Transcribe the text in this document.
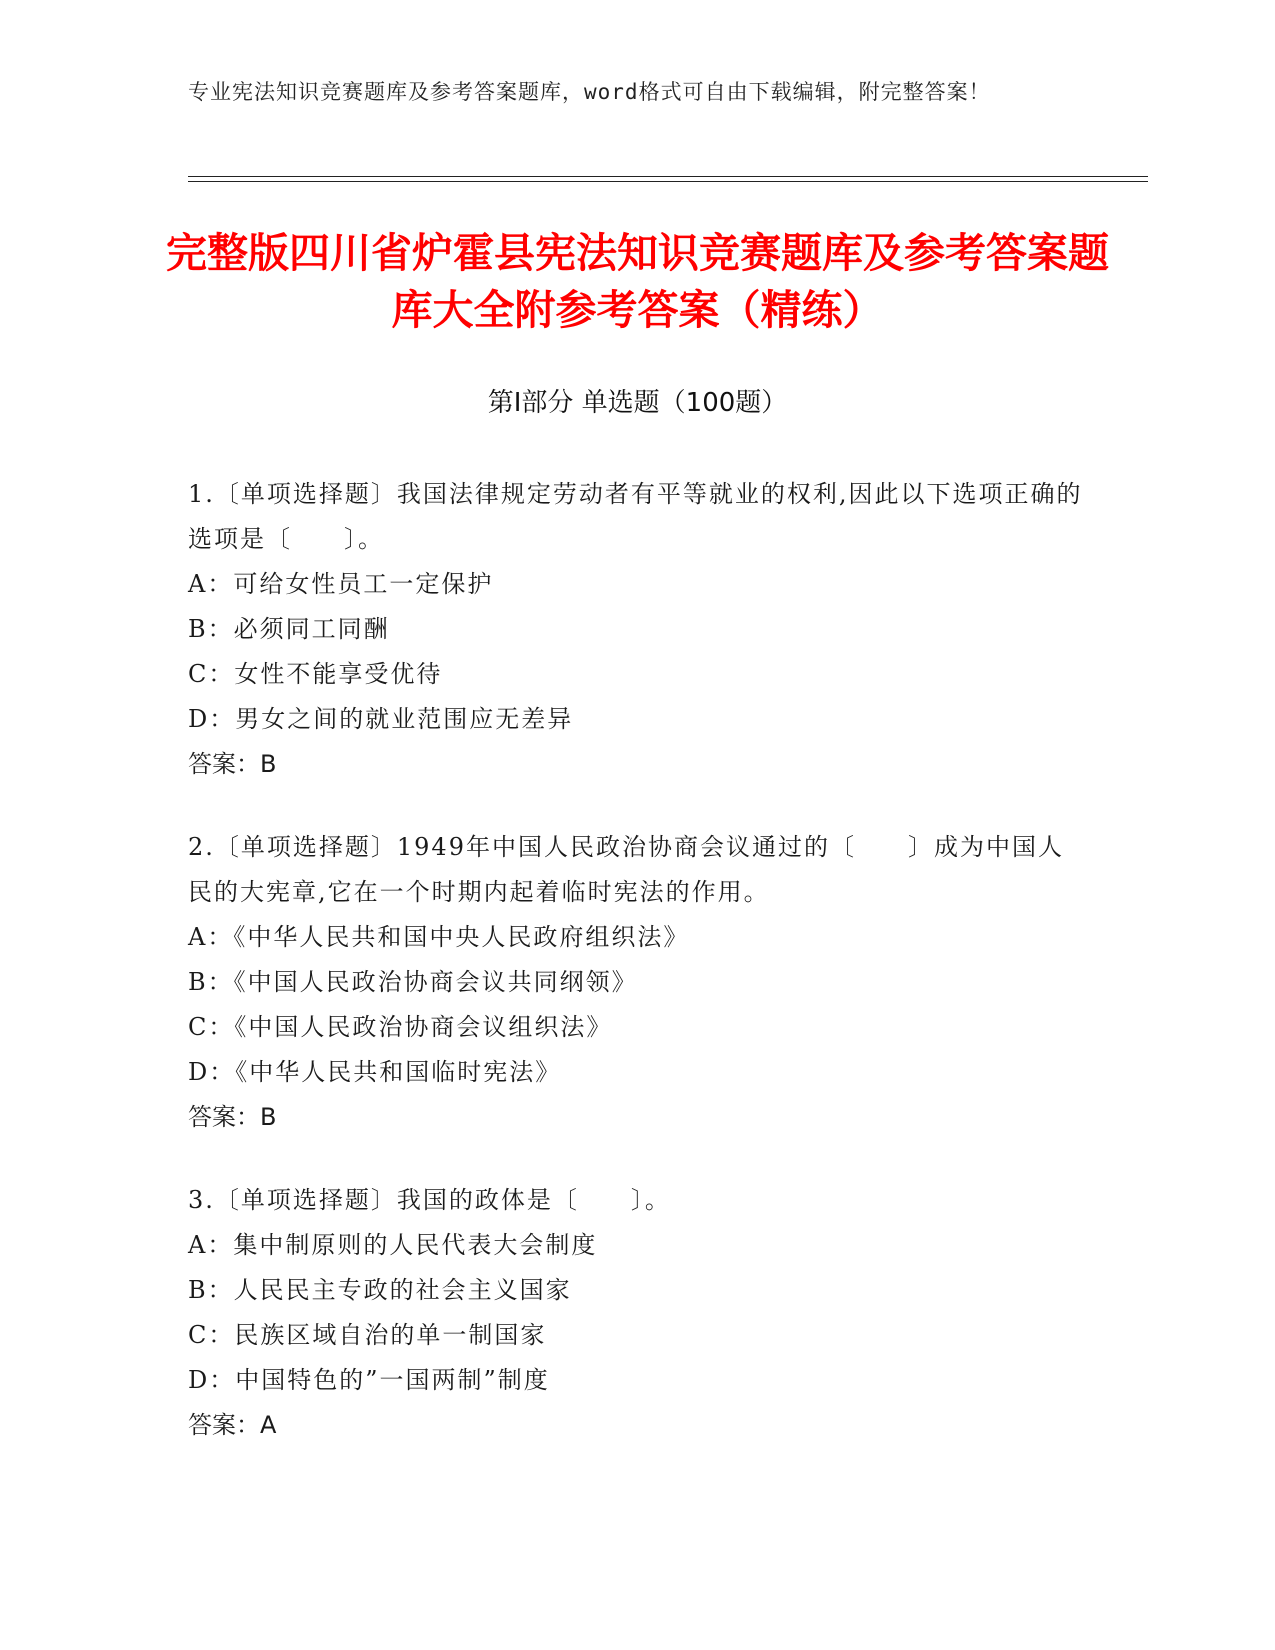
专业宪法知识竞赛题库及参考答案题库，word格式可自由下载编辑，附完整答案！
完整版四川省炉霍县宪法知识竞赛题库及参考答案题库大全附参考答案（精练）
第Ⅰ部分 单选题（100题）
1.〔单项选择题〕我国法律规定劳动者有平等就业的权利,因此以下选项正确的选项是〔　　〕。
A：可给女性员工一定保护
B：必须同工同酬
C：女性不能享受优待
D：男女之间的就业范围应无差异
答案：B
2.〔单项选择题〕1949年中国人民政治协商会议通过的〔　　〕成为中国人民的大宪章,它在一个时期内起着临时宪法的作用。
A：《中华人民共和国中央人民政府组织法》
B：《中国人民政治协商会议共同纲领》
C：《中国人民政治协商会议组织法》
D：《中华人民共和国临时宪法》
答案：B
3.〔单项选择题〕我国的政体是〔　　〕。
A：集中制原则的人民代表大会制度
B：人民民主专政的社会主义国家
C：民族区域自治的单一制国家
D：中国特色的”一国两制”制度
答案：A
